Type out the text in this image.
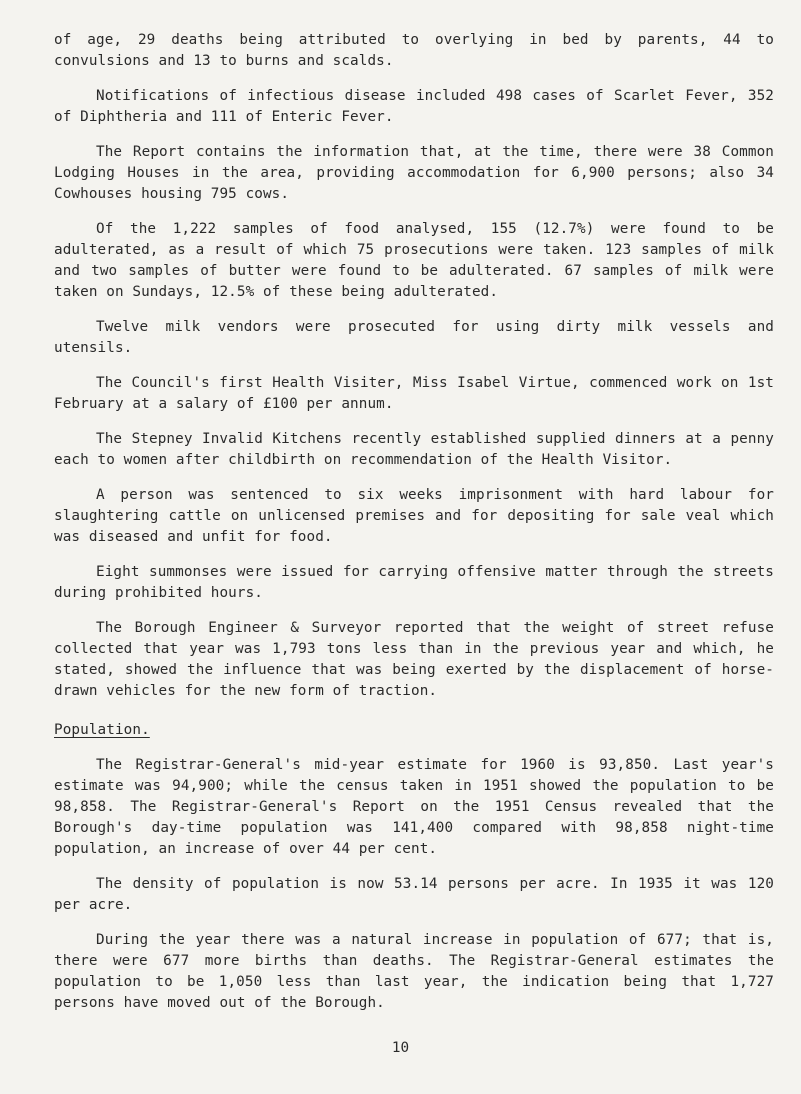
of age, 29 deaths being attributed to overlying in bed by parents, 44 to convulsions and 13 to burns and scalds.

Notifications of infectious disease included 498 cases of Scarlet Fever, 352 of Diphtheria and 111 of Enteric Fever.

The Report contains the information that, at the time, there were 38 Common Lodging Houses in the area, providing accommodation for 6,900 persons; also 34 Cowhouses housing 795 cows.

Of the 1,222 samples of food analysed, 155 (12.7%) were found to be adulterated, as a result of which 75 prosecutions were taken. 123 samples of milk and two samples of butter were found to be adulterated. 67 samples of milk were taken on Sundays, 12.5% of these being adulterated.

Twelve milk vendors were prosecuted for using dirty milk vessels and utensils.

The Council's first Health Visiter, Miss Isabel Virtue, commenced work on 1st February at a salary of £100 per annum.

The Stepney Invalid Kitchens recently established supplied dinners at a penny each to women after childbirth on recommendation of the Health Visitor.

A person was sentenced to six weeks imprisonment with hard labour for slaughtering cattle on unlicensed premises and for depositing for sale veal which was diseased and unfit for food.

Eight summonses were issued for carrying offensive matter through the streets during prohibited hours.

The Borough Engineer & Surveyor reported that the weight of street refuse collected that year was 1,793 tons less than in the previous year and which, he stated, showed the influence that was being exerted by the displacement of horse-drawn vehicles for the new form of traction.

Population.

The Registrar-General's mid-year estimate for 1960 is 93,850. Last year's estimate was 94,900; while the census taken in 1951 showed the population to be 98,858. The Registrar-General's Report on the 1951 Census revealed that the Borough's day-time population was 141,400 compared with 98,858 night-time population, an increase of over 44 per cent.

The density of population is now 53.14 persons per acre. In 1935 it was 120 per acre.

During the year there was a natural increase in population of 677; that is, there were 677 more births than deaths. The Registrar-General estimates the population to be 1,050 less than last year, the indication being that 1,727 persons have moved out of the Borough.

10
